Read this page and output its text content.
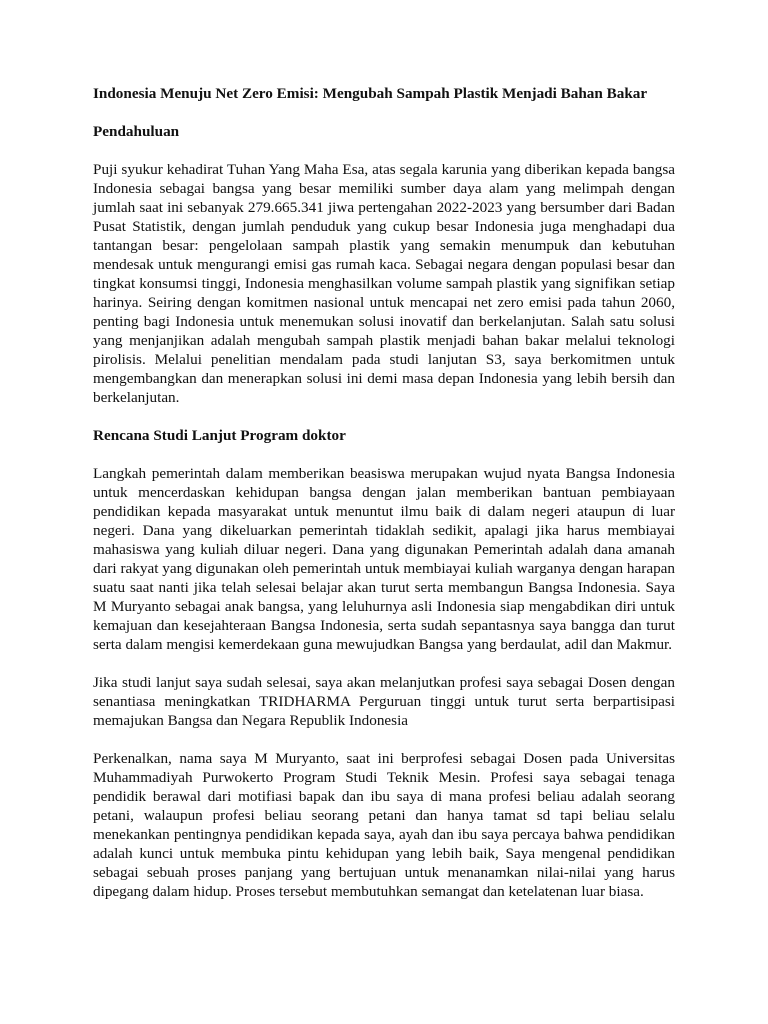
Indonesia Menuju Net Zero Emisi: Mengubah Sampah Plastik Menjadi Bahan Bakar

Pendahuluan

Puji syukur kehadirat Tuhan Yang Maha Esa, atas segala karunia yang diberikan kepada bangsa Indonesia sebagai bangsa yang besar memiliki sumber daya alam yang melimpah dengan jumlah saat ini sebanyak 279.665.341 jiwa pertengahan 2022-2023 yang bersumber dari Badan Pusat Statistik, dengan jumlah penduduk yang cukup besar Indonesia juga menghadapi dua tantangan besar: pengelolaan sampah plastik yang semakin menumpuk dan kebutuhan mendesak untuk mengurangi emisi gas rumah kaca. Sebagai negara dengan populasi besar dan tingkat konsumsi tinggi, Indonesia menghasilkan volume sampah plastik yang signifikan setiap harinya. Seiring dengan komitmen nasional untuk mencapai net zero emisi pada tahun 2060, penting bagi Indonesia untuk menemukan solusi inovatif dan berkelanjutan. Salah satu solusi yang menjanjikan adalah mengubah sampah plastik menjadi bahan bakar melalui teknologi pirolisis. Melalui penelitian mendalam pada studi lanjutan S3, saya berkomitmen untuk mengembangkan dan menerapkan solusi ini demi masa depan Indonesia yang lebih bersih dan berkelanjutan.

Rencana Studi Lanjut Program doktor

Langkah pemerintah dalam memberikan beasiswa merupakan wujud nyata Bangsa Indonesia untuk mencerdaskan kehidupan bangsa dengan jalan memberikan bantuan pembiayaan pendidikan kepada masyarakat untuk menuntut ilmu baik di dalam negeri ataupun di luar negeri. Dana yang dikeluarkan pemerintah tidaklah sedikit, apalagi jika harus membiayai mahasiswa yang kuliah diluar negeri. Dana yang digunakan Pemerintah adalah dana amanah dari rakyat yang digunakan oleh pemerintah untuk membiayai kuliah warganya dengan harapan suatu saat nanti jika telah selesai belajar akan turut serta membangun Bangsa Indonesia. Saya M Muryanto sebagai anak bangsa, yang leluhurnya asli Indonesia siap mengabdikan diri untuk kemajuan dan kesejahteraan Bangsa Indonesia, serta sudah sepantasnya saya bangga dan turut serta dalam mengisi kemerdekaan guna mewujudkan Bangsa yang berdaulat, adil dan Makmur.

Jika studi lanjut saya sudah selesai, saya akan melanjutkan profesi saya sebagai Dosen dengan senantiasa meningkatkan TRIDHARMA Perguruan tinggi untuk turut serta berpartisipasi memajukan Bangsa dan Negara Republik Indonesia

Perkenalkan, nama saya M Muryanto, saat ini berprofesi sebagai Dosen pada Universitas Muhammadiyah Purwokerto Program Studi Teknik Mesin. Profesi saya sebagai tenaga pendidik berawal dari motifiasi bapak dan ibu saya di mana profesi beliau adalah seorang petani, walaupun profesi beliau seorang petani dan hanya tamat sd tapi beliau selalu menekankan pentingnya pendidikan kepada saya, ayah dan ibu saya percaya bahwa pendidikan adalah kunci untuk membuka pintu kehidupan yang lebih baik, Saya mengenal pendidikan sebagai sebuah proses panjang yang bertujuan untuk menanamkan nilai-nilai yang harus dipegang dalam hidup. Proses tersebut membutuhkan semangat dan ketelatenan luar biasa.
